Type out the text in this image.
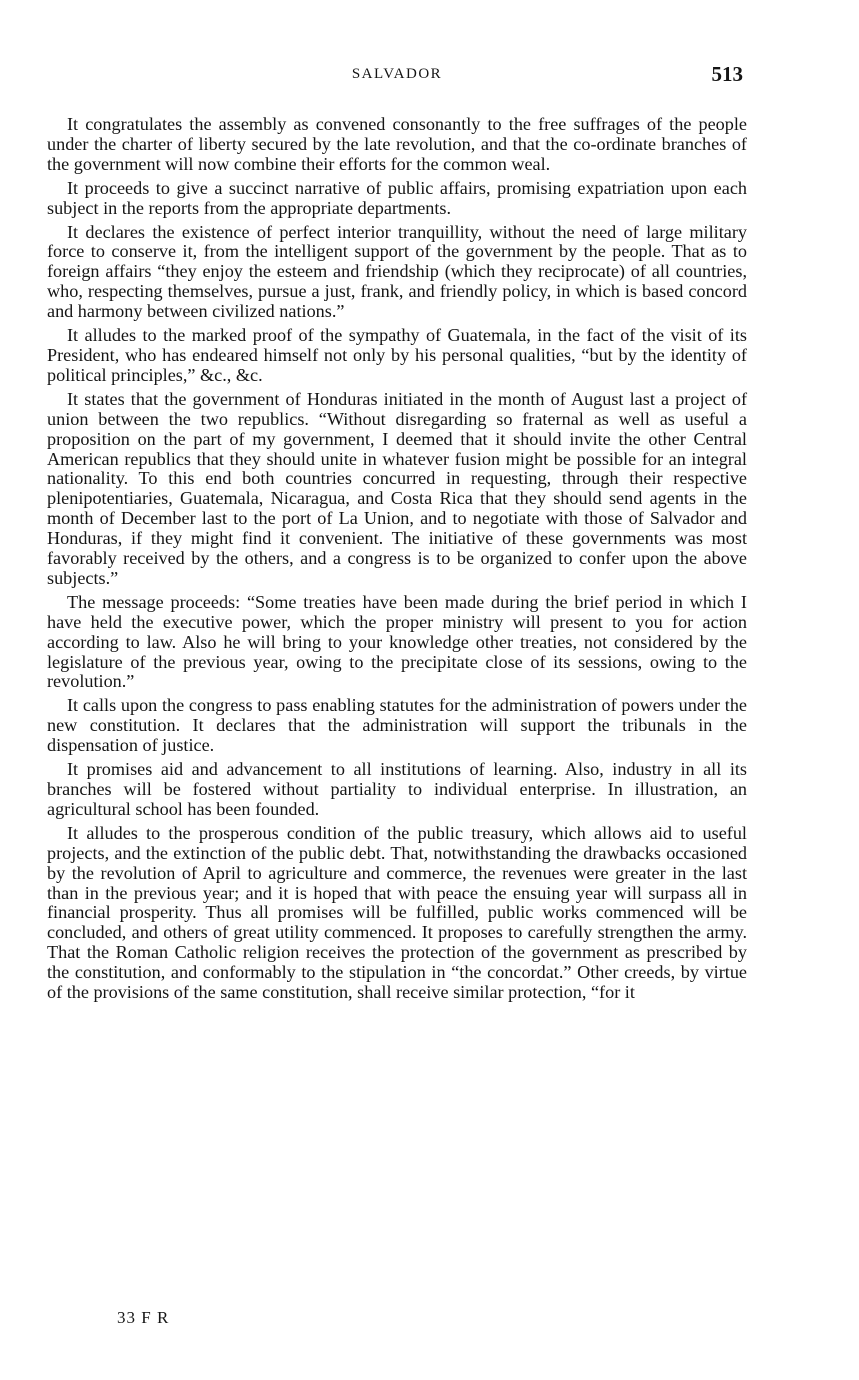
SALVADOR	513

It congratulates the assembly as convened consonantly to the free suffrages of the people under the charter of liberty secured by the late revolution, and that the co-ordinate branches of the government will now combine their efforts for the common weal.

It proceeds to give a succinct narrative of public affairs, promising expatriation upon each subject in the reports from the appropriate departments.

It declares the existence of perfect interior tranquillity, without the need of large military force to conserve it, from the intelligent support of the government by the people. That as to foreign affairs “they enjoy the esteem and friendship (which they reciprocate) of all countries, who, respecting themselves, pursue a just, frank, and friendly policy, in which is based concord and harmony between civilized nations.”

It alludes to the marked proof of the sympathy of Guatemala, in the fact of the visit of its President, who has endeared himself not only by his personal qualities, “but by the identity of political principles,” &c., &c.

It states that the government of Honduras initiated in the month of August last a project of union between the two republics. “Without disregarding so fraternal as well as useful a proposition on the part of my government, I deemed that it should invite the other Central American republics that they should unite in whatever fusion might be possible for an integral nationality. To this end both countries concurred in requesting, through their respective plenipotentiaries, Guatemala, Nicaragua, and Costa Rica that they should send agents in the month of December last to the port of La Union, and to negotiate with those of Salvador and Honduras, if they might find it convenient. The initiative of these governments was most favorably received by the others, and a congress is to be organized to confer upon the above subjects.”

The message proceeds: “Some treaties have been made during the brief period in which I have held the executive power, which the proper ministry will present to you for action according to law. Also he will bring to your knowledge other treaties, not considered by the legislature of the previous year, owing to the precipitate close of its sessions, owing to the revolution.”

It calls upon the congress to pass enabling statutes for the administration of powers under the new constitution. It declares that the administration will support the tribunals in the dispensation of justice.

It promises aid and advancement to all institutions of learning. Also, industry in all its branches will be fostered without partiality to individual enterprise. In illustration, an agricultural school has been founded.

It alludes to the prosperous condition of the public treasury, which allows aid to useful projects, and the extinction of the public debt. That, notwithstanding the drawbacks occasioned by the revolution of April to agriculture and commerce, the revenues were greater in the last than in the previous year; and it is hoped that with peace the ensuing year will surpass all in financial prosperity. Thus all promises will be fulfilled, public works commenced will be concluded, and others of great utility commenced. It proposes to carefully strengthen the army. That the Roman Catholic religion receives the protection of the government as prescribed by the constitution, and conformably to the stipulation in “the concordat.” Other creeds, by virtue of the provisions of the same constitution, shall receive similar protection, “for it

33 F R
